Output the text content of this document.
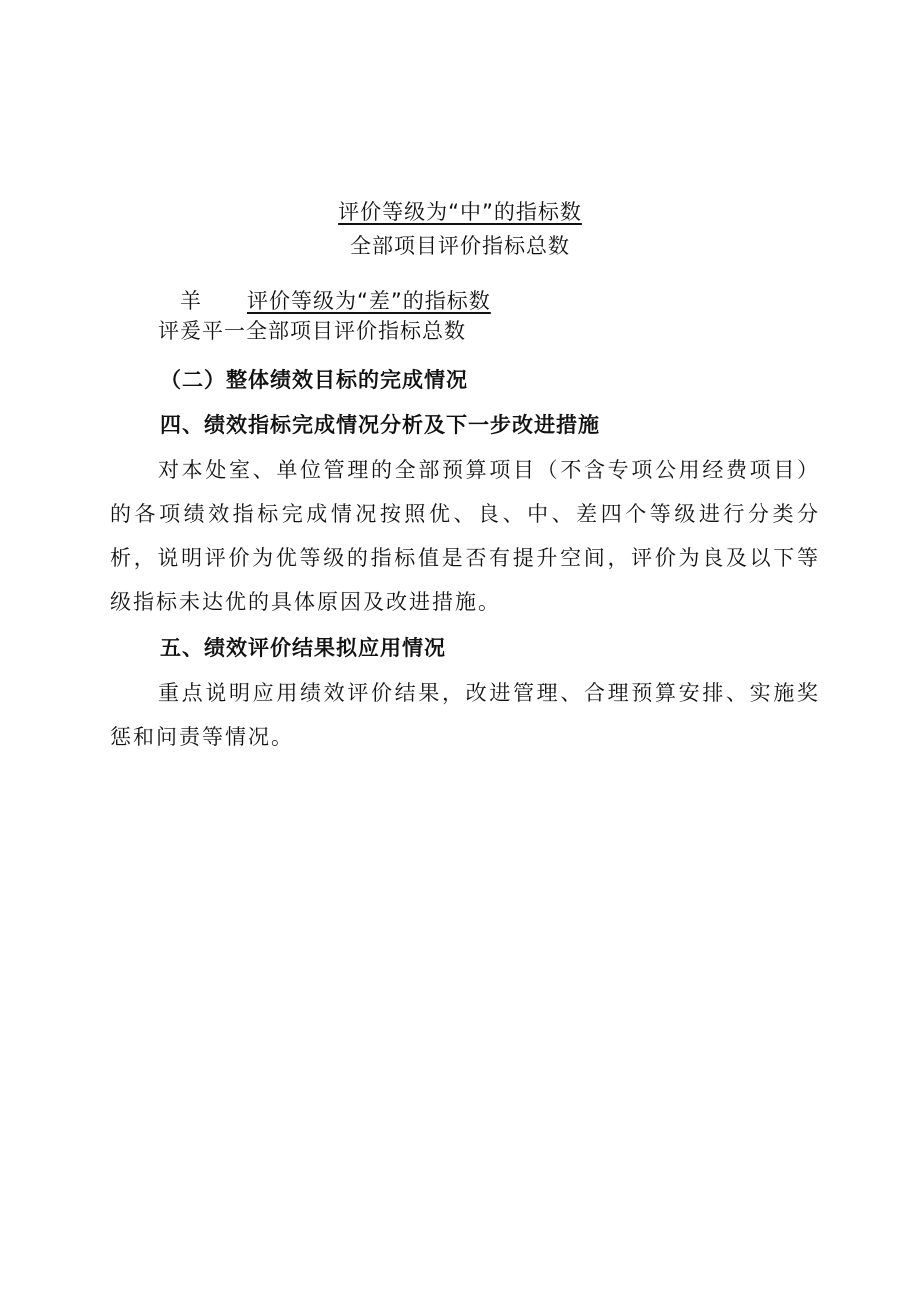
评价等级为“中”的指标数
全部项目评价指标总数
羊 评价等级为“差”的指标数
评爰平一全部项目评价指标总数
（二）整体绩效目标的完成情况
四、绩效指标完成情况分析及下一步改进措施
对本处室、单位管理的全部预算项目（不含专项公用经费项目）的各项绩效指标完成情况按照优、良、中、差四个等级进行分类分析，说明评价为优等级的指标值是否有提升空间，评价为良及以下等级指标未达优的具体原因及改进措施。
五、绩效评价结果拟应用情况
重点说明应用绩效评价结果，改进管理、合理预算安排、实施奖惩和问责等情况。
